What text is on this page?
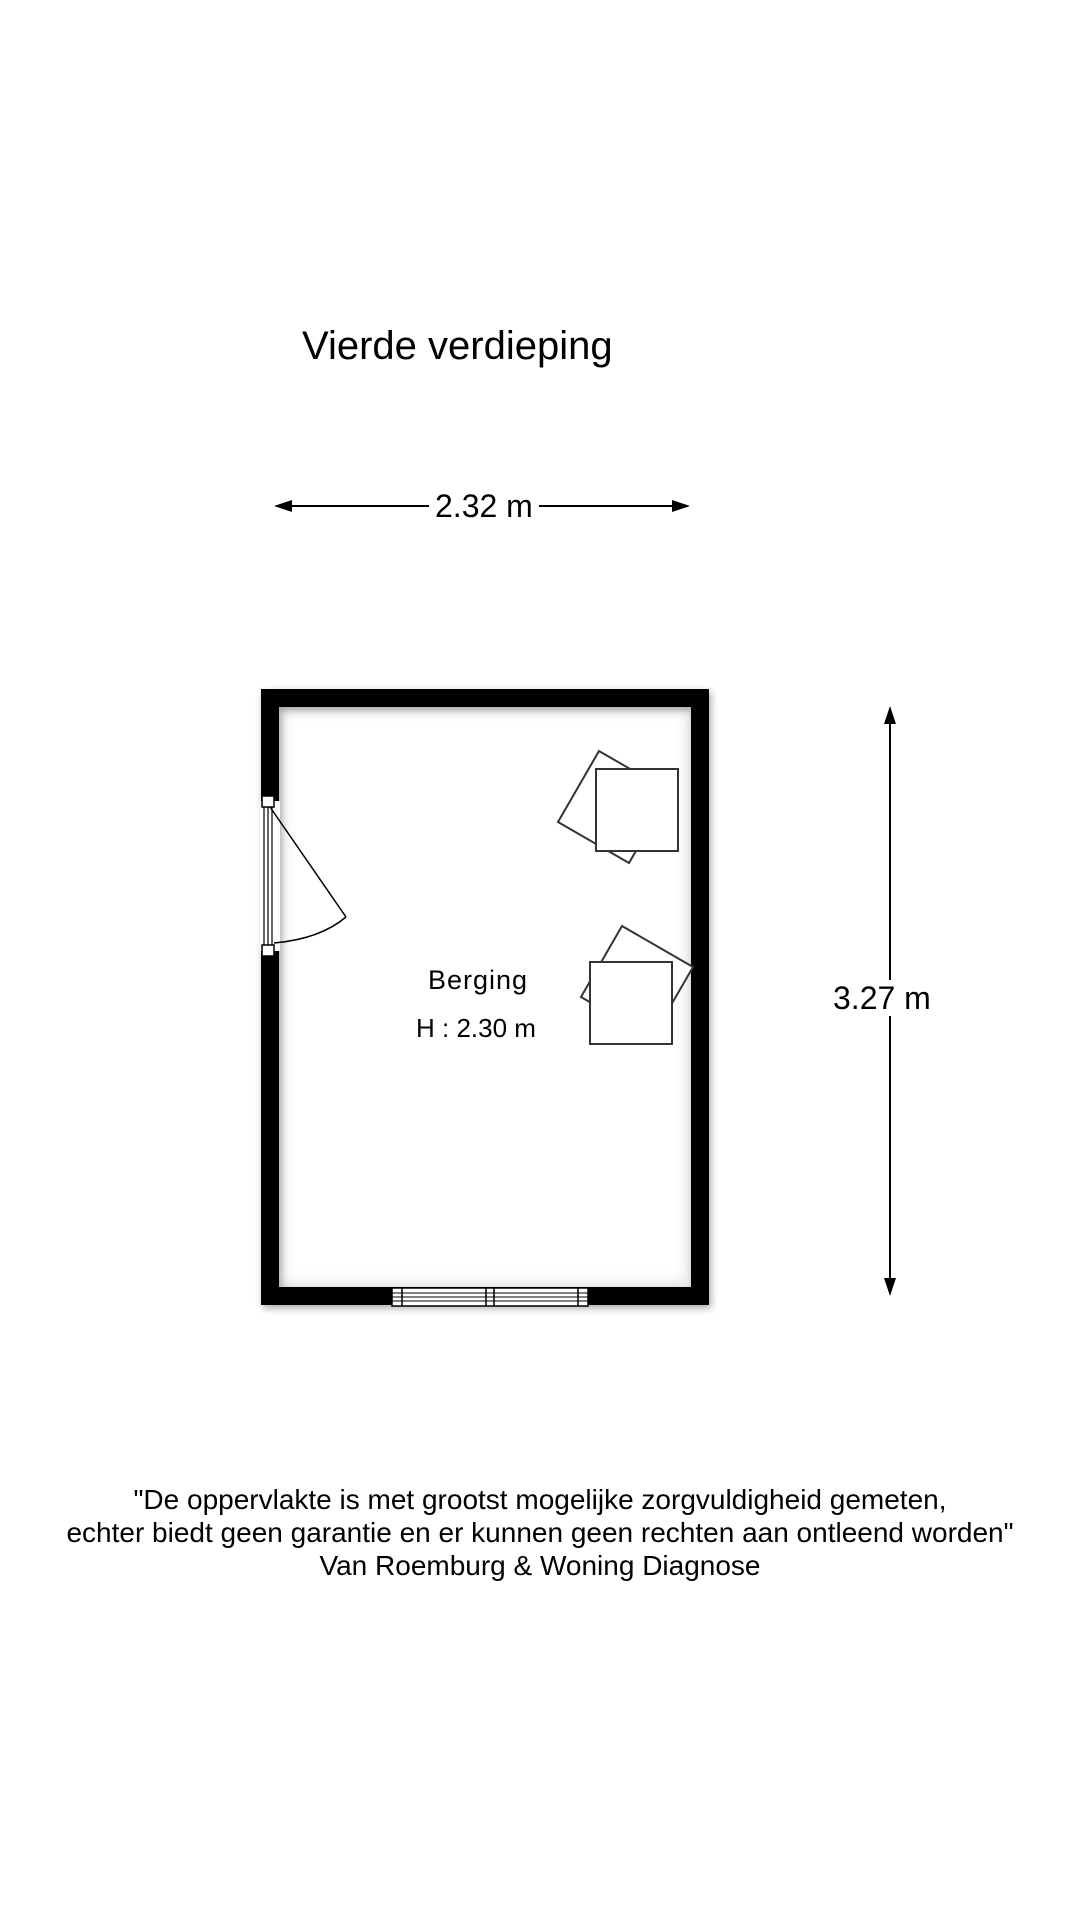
Vierde verdieping
2.32 m
3.27 m
Berging
H : 2.30 m
"De oppervlakte is met grootst mogelijke zorgvuldigheid gemeten,
echter biedt geen garantie en er kunnen geen rechten aan ontleend worden"
Van Roemburg & Woning Diagnose
